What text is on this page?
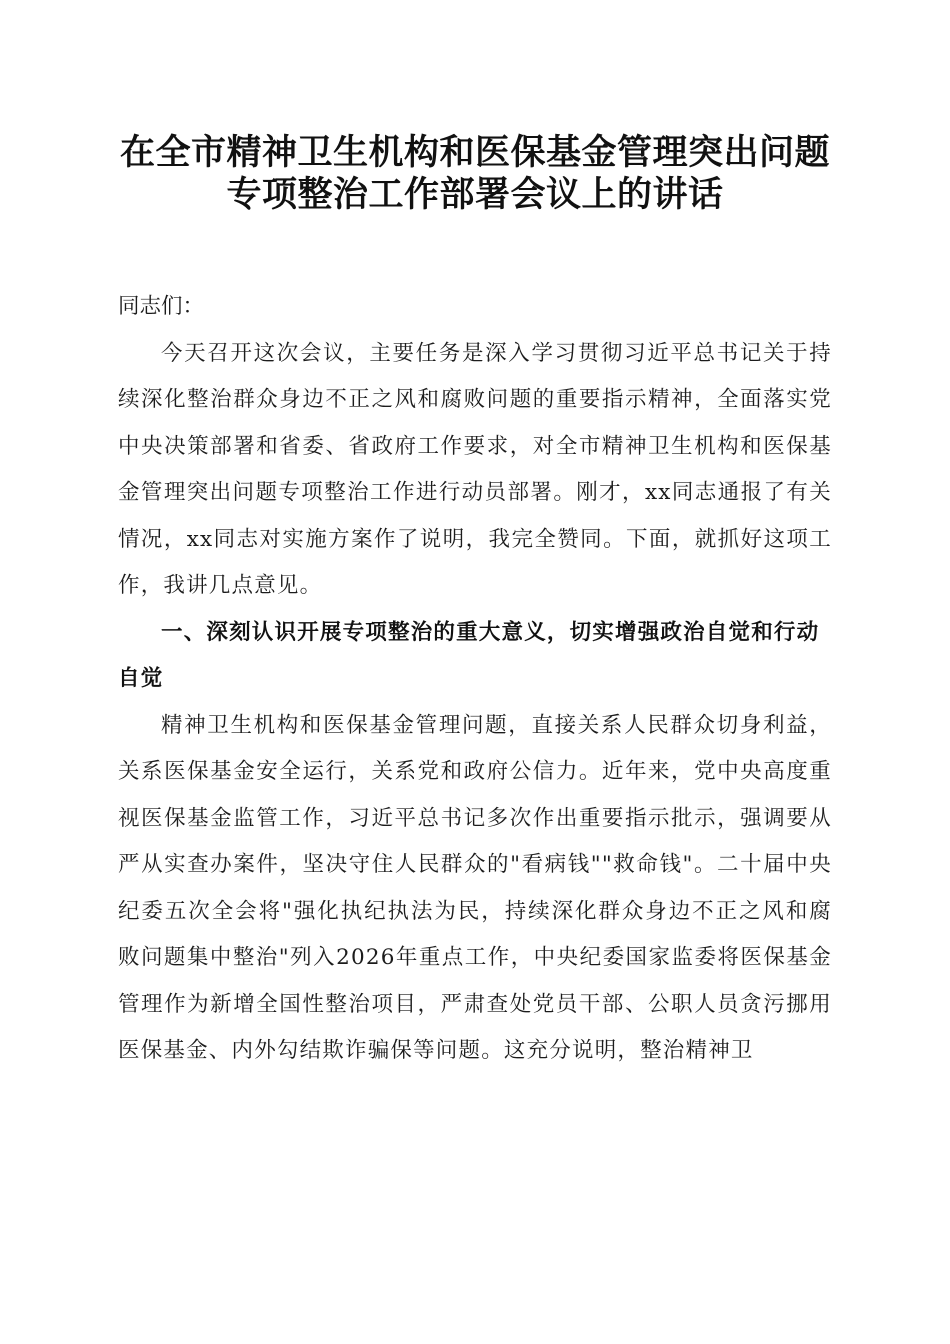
在全市精神卫生机构和医保基金管理突出问题
专项整治工作部署会议上的讲话

同志们：

今天召开这次会议，主要任务是深入学习贯彻习近平总书记关于持续深化整治群众身边不正之风和腐败问题的重要指示精神，全面落实党中央决策部署和省委、省政府工作要求，对全市精神卫生机构和医保基金管理突出问题专项整治工作进行动员部署。刚才，xx同志通报了有关情况，xx同志对实施方案作了说明，我完全赞同。下面，就抓好这项工作，我讲几点意见。

一、深刻认识开展专项整治的重大意义，切实增强政治自觉和行动自觉

精神卫生机构和医保基金管理问题，直接关系人民群众切身利益，关系医保基金安全运行，关系党和政府公信力。近年来，党中央高度重视医保基金监管工作，习近平总书记多次作出重要指示批示，强调要从严从实查办案件，坚决守住人民群众的"看病钱""救命钱"。二十届中央纪委五次全会将"强化执纪执法为民，持续深化群众身边不正之风和腐败问题集中整治"列入2026年重点工作，中央纪委国家监委将医保基金管理作为新增全国性整治项目，严肃查处党员干部、公职人员贪污挪用医保基金、内外勾结欺诈骗保等问题。这充分说明，整治精神卫
